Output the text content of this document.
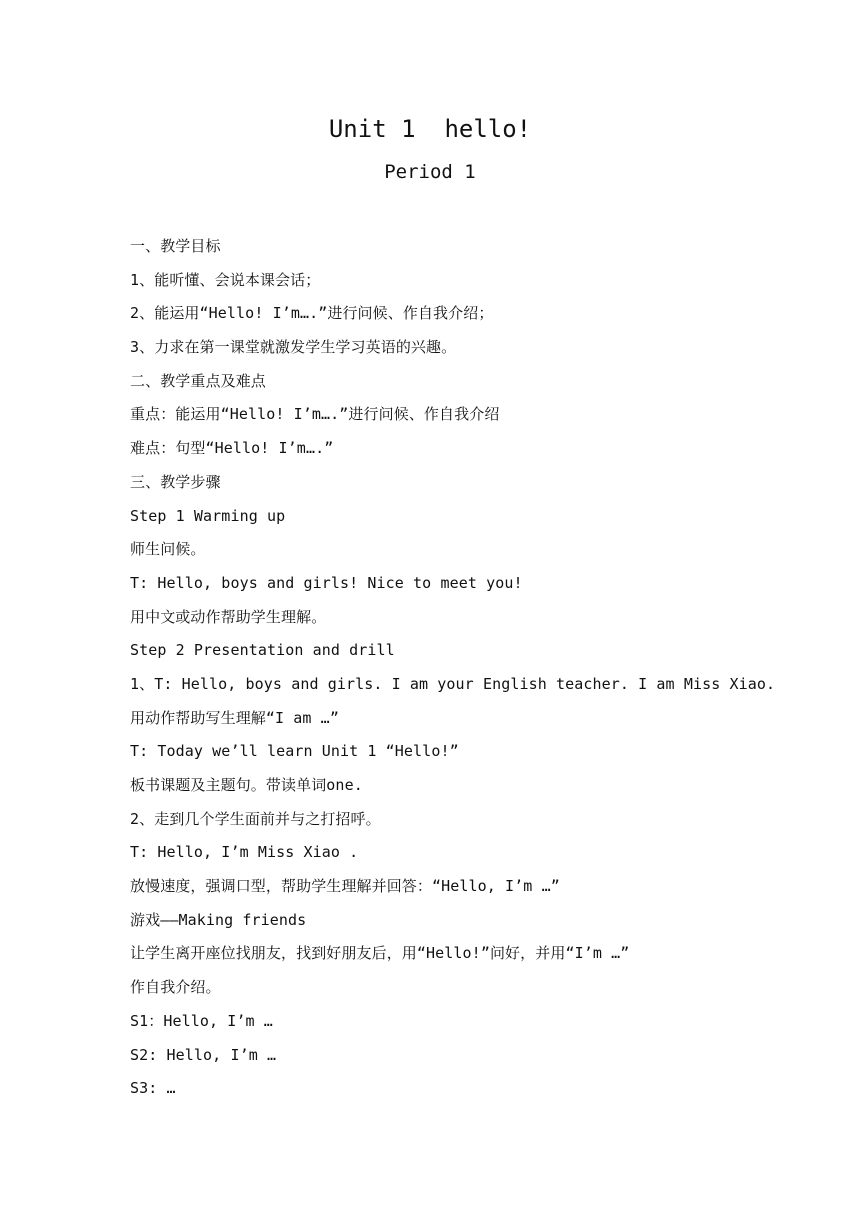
Unit 1  hello!
Period 1
一、教学目标
1、能听懂、会说本课会话；
2、能运用“Hello! I’m….”进行问候、作自我介绍；
3、力求在第一课堂就激发学生学习英语的兴趣。
二、教学重点及难点
重点：能运用“Hello! I’m….”进行问候、作自我介绍
难点：句型“Hello! I’m….”
三、教学步骤
Step 1 Warming up
师生问候。
T: Hello, boys and girls! Nice to meet you!
用中文或动作帮助学生理解。
Step 2 Presentation and drill
1、T: Hello, boys and girls. I am your English teacher. I am Miss Xiao.
用动作帮助写生理解“I am …”
T: Today we’ll learn Unit 1 “Hello!”
板书课题及主题句。带读单词one.
2、走到几个学生面前并与之打招呼。
T: Hello, I’m Miss Xiao .
放慢速度，强调口型，帮助学生理解并回答：“Hello, I’m …”
游戏——Making friends
让学生离开座位找朋友，找到好朋友后，用“Hello!”问好，并用“I’m …”
作自我介绍。
S1：Hello, I’m …
S2: Hello, I’m …
S3: …
